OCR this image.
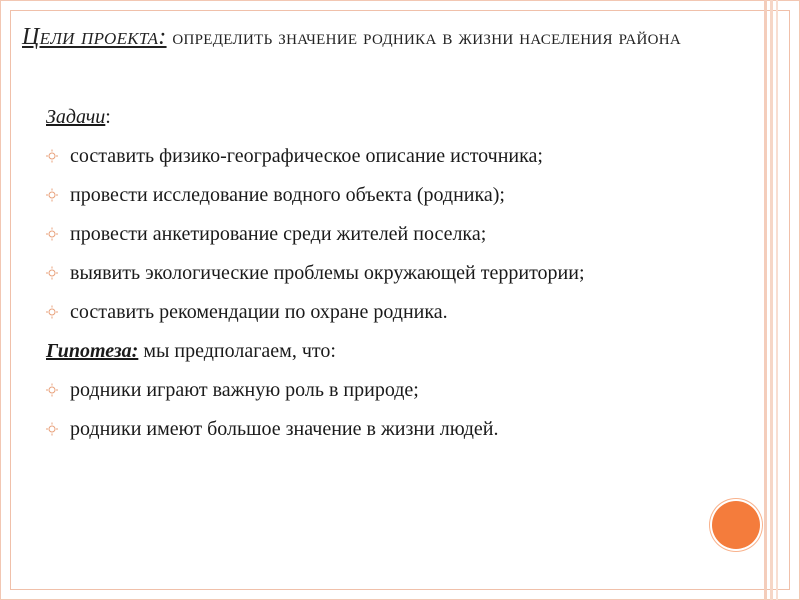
Цели проекта: определить значение родника в жизни населения района
Задачи:
составить физико-географическое описание источника;
провести исследование водного объекта (родника);
провести анкетирование среди жителей поселка;
выявить экологические проблемы окружающей территории;
составить рекомендации по охране родника.
Гипотеза: мы предполагаем, что:
родники играют важную роль в природе;
родники имеют большое значение в жизни людей.
